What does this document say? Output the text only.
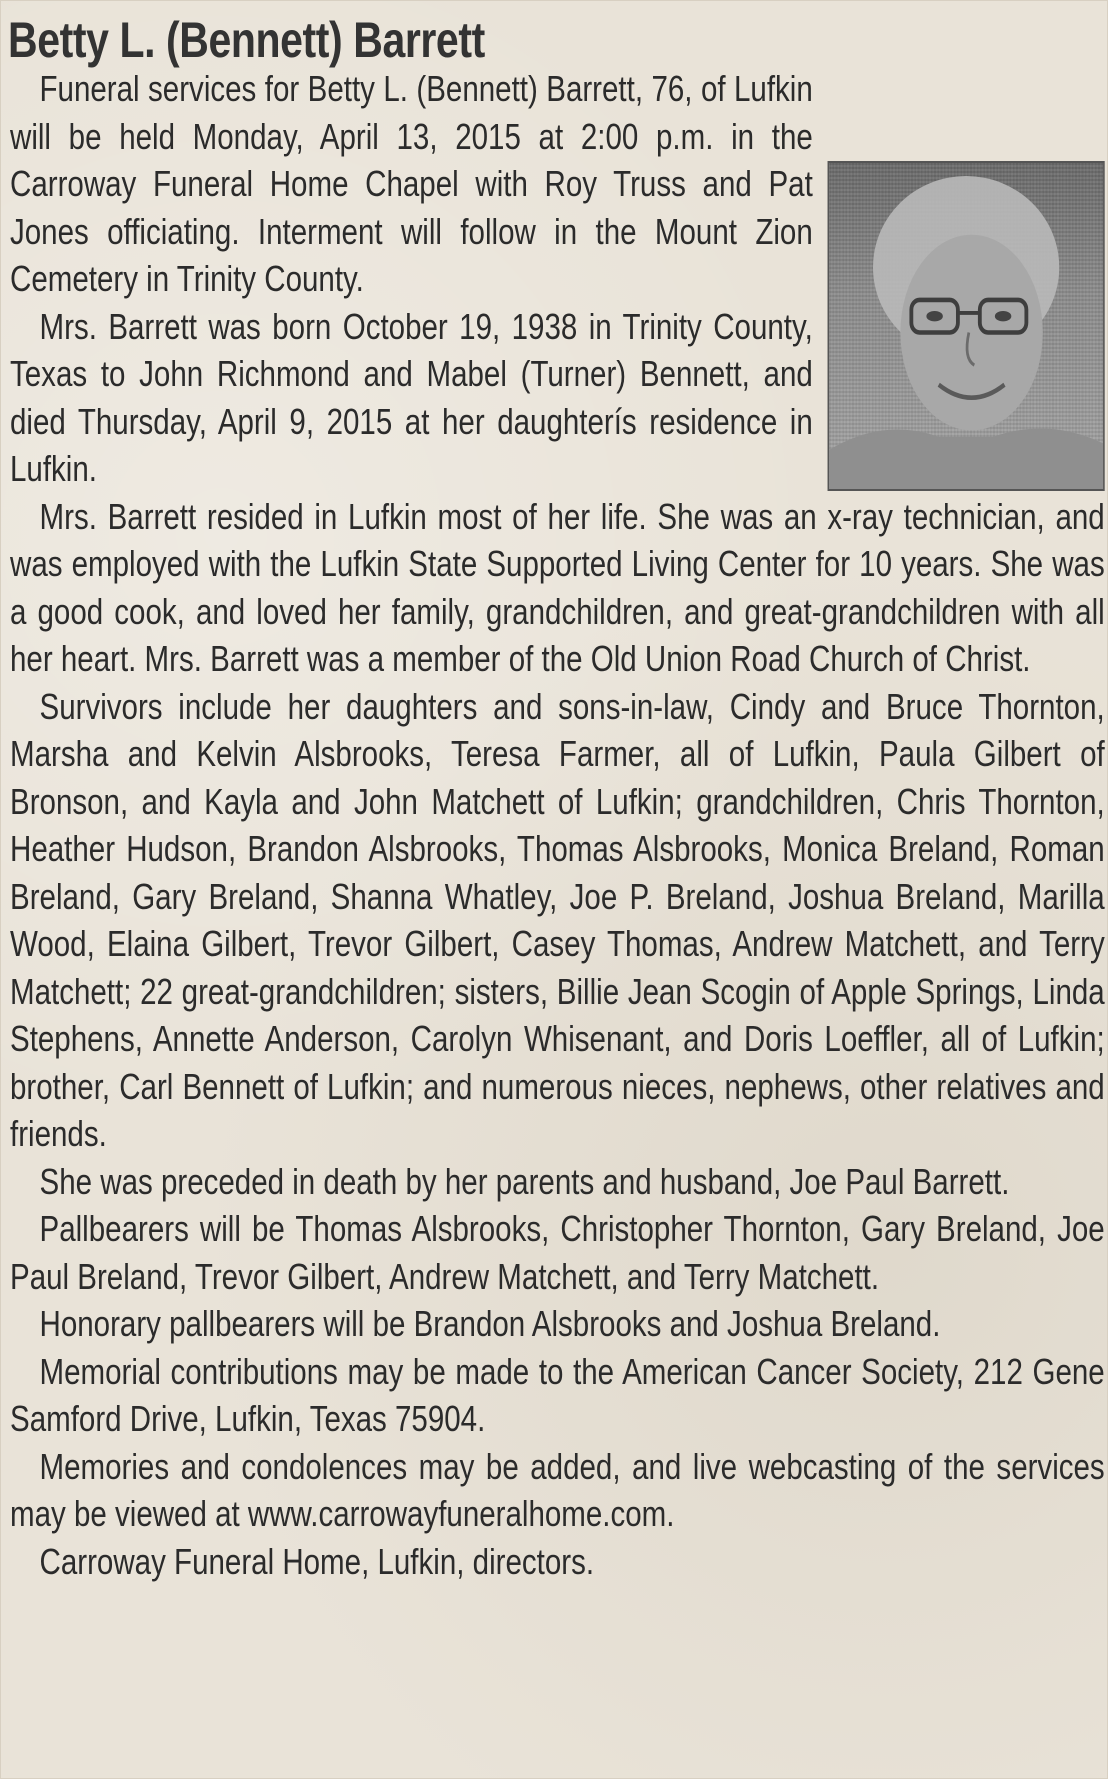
Betty L. (Bennett) Barrett

Funeral services for Betty L. (Bennett) Barrett, 76, of Lufkin will be held Monday, April 13, 2015 at 2:00 p.m. in the Carroway Funeral Home Chapel with Roy Truss and Pat Jones officiating. Interment will follow in the Mount Zion Cemetery in Trinity County.

Mrs. Barrett was born October 19, 1938 in Trinity County, Texas to John Richmond and Mabel (Turner) Bennett, and died Thursday, April 9, 2015 at her daughterís residence in Lufkin.

Mrs. Barrett resided in Lufkin most of her life. She was an x-ray technician, and was employed with the Lufkin State Supported Living Center for 10 years. She was a good cook, and loved her family, grandchildren, and great-grandchildren with all her heart. Mrs. Barrett was a member of the Old Union Road Church of Christ.

Survivors include her daughters and sons-in-law, Cindy and Bruce Thornton, Marsha and Kelvin Alsbrooks, Teresa Farmer, all of Lufkin, Paula Gilbert of Bronson, and Kayla and John Matchett of Lufkin; grandchildren, Chris Thornton, Heather Hudson, Brandon Alsbrooks, Thomas Alsbrooks, Monica Breland, Roman Breland, Gary Breland, Shanna Whatley, Joe P. Breland, Joshua Breland, Marilla Wood, Elaina Gilbert, Trevor Gilbert, Casey Thomas, Andrew Matchett, and Terry Matchett; 22 great-grandchildren; sisters, Billie Jean Scogin of Apple Springs, Linda Stephens, Annette Anderson, Carolyn Whisenant, and Doris Loeffler, all of Lufkin; brother, Carl Bennett of Lufkin; and numerous nieces, nephews, other relatives and friends.

She was preceded in death by her parents and husband, Joe Paul Barrett.

Pallbearers will be Thomas Alsbrooks, Christopher Thornton, Gary Breland, Joe Paul Breland, Trevor Gilbert, Andrew Matchett, and Terry Matchett.

Honorary pallbearers will be Brandon Alsbrooks and Joshua Breland.

Memorial contributions may be made to the American Cancer Society, 212 Gene Samford Drive, Lufkin, Texas 75904.

Memories and condolences may be added, and live webcasting of the services may be viewed at www.carrowayfuneralhome.com.

Carroway Funeral Home, Lufkin, directors.
